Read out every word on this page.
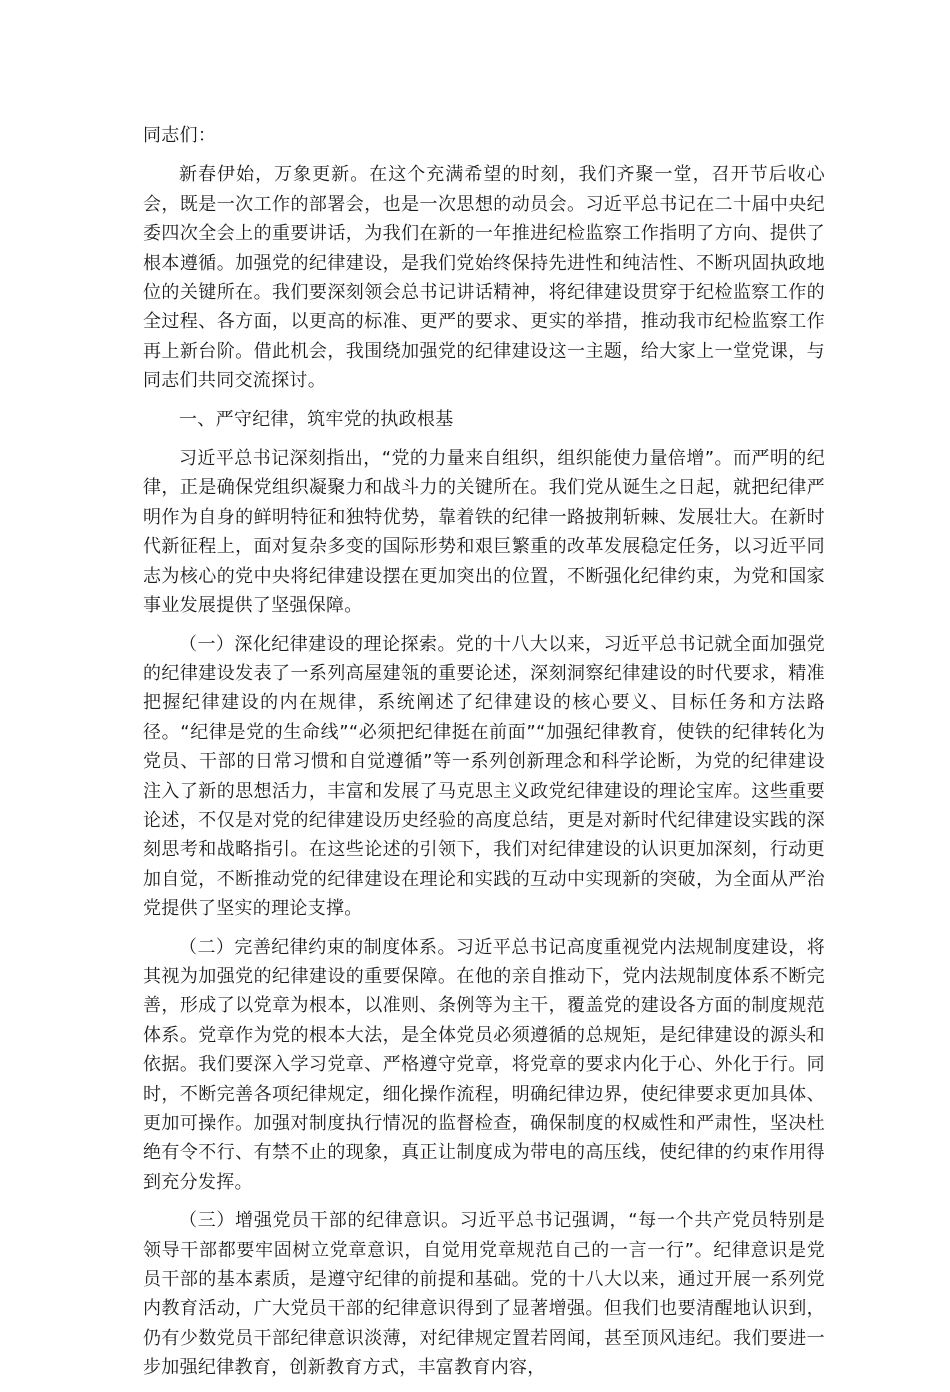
同志们：

新春伊始，万象更新。在这个充满希望的时刻，我们齐聚一堂，召开节后收心会，既是一次工作的部署会，也是一次思想的动员会。习近平总书记在二十届中央纪委四次全会上的重要讲话，为我们在新的一年推进纪检监察工作指明了方向、提供了根本遵循。加强党的纪律建设，是我们党始终保持先进性和纯洁性、不断巩固执政地位的关键所在。我们要深刻领会总书记讲话精神，将纪律建设贯穿于纪检监察工作的全过程、各方面，以更高的标准、更严的要求、更实的举措，推动我市纪检监察工作再上新台阶。借此机会，我围绕加强党的纪律建设这一主题，给大家上一堂党课，与同志们共同交流探讨。

一、严守纪律，筑牢党的执政根基

习近平总书记深刻指出，“党的力量来自组织，组织能使力量倍增”。而严明的纪律，正是确保党组织凝聚力和战斗力的关键所在。我们党从诞生之日起，就把纪律严明作为自身的鲜明特征和独特优势，靠着铁的纪律一路披荆斩棘、发展壮大。在新时代新征程上，面对复杂多变的国际形势和艰巨繁重的改革发展稳定任务，以习近平同志为核心的党中央将纪律建设摆在更加突出的位置，不断强化纪律约束，为党和国家事业发展提供了坚强保障。

（一）深化纪律建设的理论探索。党的十八大以来，习近平总书记就全面加强党的纪律建设发表了一系列高屋建瓴的重要论述，深刻洞察纪律建设的时代要求，精准把握纪律建设的内在规律，系统阐述了纪律建设的核心要义、目标任务和方法路径。“纪律是党的生命线”“必须把纪律挺在前面”“加强纪律教育，使铁的纪律转化为党员、干部的日常习惯和自觉遵循”等一系列创新理念和科学论断，为党的纪律建设注入了新的思想活力，丰富和发展了马克思主义政党纪律建设的理论宝库。这些重要论述，不仅是对党的纪律建设历史经验的高度总结，更是对新时代纪律建设实践的深刻思考和战略指引。在这些论述的引领下，我们对纪律建设的认识更加深刻，行动更加自觉，不断推动党的纪律建设在理论和实践的互动中实现新的突破，为全面从严治党提供了坚实的理论支撑。

（二）完善纪律约束的制度体系。习近平总书记高度重视党内法规制度建设，将其视为加强党的纪律建设的重要保障。在他的亲自推动下，党内法规制度体系不断完善，形成了以党章为根本，以准则、条例等为主干，覆盖党的建设各方面的制度规范体系。党章作为党的根本大法，是全体党员必须遵循的总规矩，是纪律建设的源头和依据。我们要深入学习党章、严格遵守党章，将党章的要求内化于心、外化于行。同时，不断完善各项纪律规定，细化操作流程，明确纪律边界，使纪律要求更加具体、更加可操作。加强对制度执行情况的监督检查，确保制度的权威性和严肃性，坚决杜绝有令不行、有禁不止的现象，真正让制度成为带电的高压线，使纪律的约束作用得到充分发挥。

（三）增强党员干部的纪律意识。习近平总书记强调，“每一个共产党员特别是领导干部都要牢固树立党章意识，自觉用党章规范自己的一言一行”。纪律意识是党员干部的基本素质，是遵守纪律的前提和基础。党的十八大以来，通过开展一系列党内教育活动，广大党员干部的纪律意识得到了显著增强。但我们也要清醒地认识到，仍有少数党员干部纪律意识淡薄，对纪律规定置若罔闻，甚至顶风违纪。我们要进一步加强纪律教育，创新教育方式，丰富教育内容，
